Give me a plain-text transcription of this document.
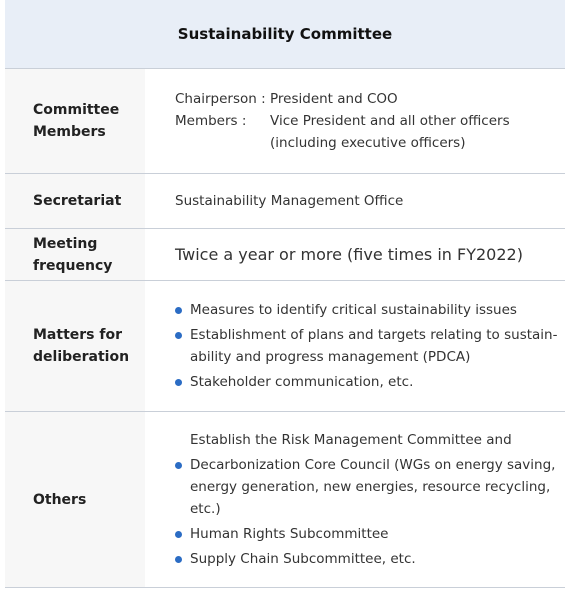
Sustainability Committee
Committee Members
Chairperson : President and COO
Members :	Vice President and all other officers (including executive officers)
Secretariat	Sustainability Management Office
Meeting frequency
Twice a year or more (five times in FY2022)
Matters for deliberation
Measures to identify critical sustainability issues
Establishment of plans and targets relating to sustain-ability and progress management (PDCA)
Stakeholder communication, etc.
Others
Establish the Risk Management Committee and
Decarbonization Core Council (WGs on energy saving, energy generation, new energies, resource recycling, etc.)
Human Rights Subcommittee
Supply Chain Subcommittee, etc.
